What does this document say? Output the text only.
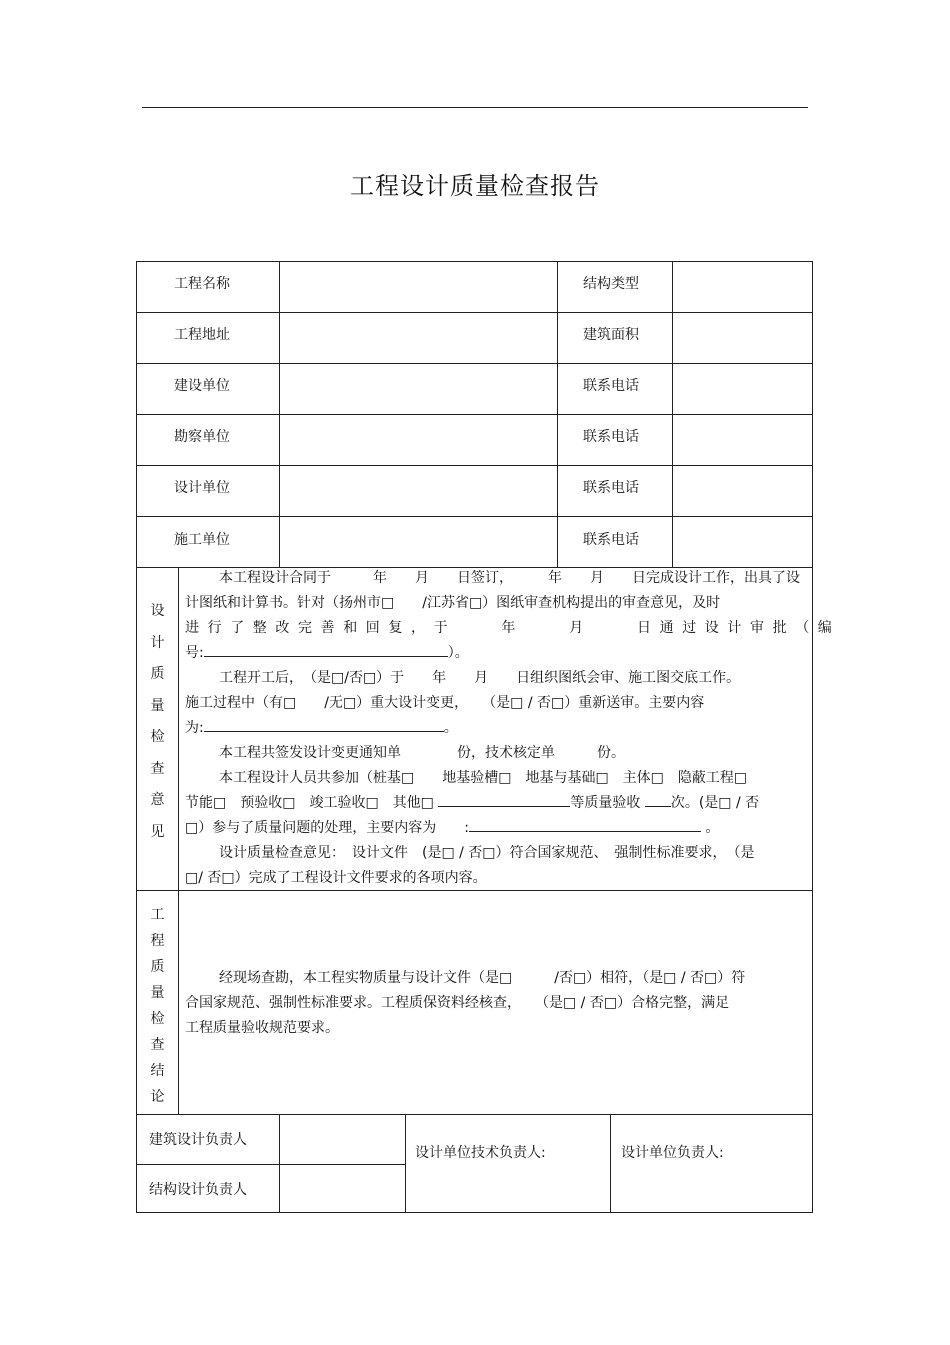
工程设计质量检查报告
工程名称	结构类型
工程地址	建筑面积
建设单位	联系电话
勘察单位	联系电话
设计单位	联系电话
施工单位	联系电话
设
计
质
量
检
查
意
见
本工程设计合同于　　　年　　月　　日签订，　　　年　　月　　日完成设计工作，出具了设
计图纸和计算书。针对（扬州市□　　/江苏省□）图纸审查机构提出的审查意见，及时
进行了整改完善和回复，于　　年　　月　　日通过设计审批（编
号:	）。
工程开工后，　（是□/否□）于　　年　　月　　日组织图纸会审、施工图交底工作。
施工过程中（有□　　/无□）重大设计变更，　　（是□ / 否□）重新送审。主要内容
为:	。
本工程共签发设计变更通知单　　　　份，技术核定单　　　份。
本工程设计人员共参加（桩基□　　地基验槽□　地基与基础□　主体□　隐蔽工程□
节能□　预验收□　竣工验收□　其他□	等质量验收 次。(是□ / 否
□）参与了质量问题的处理，主要内容为　　:	。
设计质量检查意见：　设计文件　(是□ / 否□）符合国家规范、　强制性标准要求，　（是
□/ 否□）完成了工程设计文件要求的各项内容。
工
程
质
量
检
查
结
论
经现场查勘，本工程实物质量与设计文件（是□　　　/否□）相符，（是□ / 否□）符
合国家规范、强制性标准要求。工程质保资料经核查，　　（是□ / 否□）合格完整，满足
工程质量验收规范要求。
建筑设计负责人
结构设计负责人
设计单位技术负责人:	设计单位负责人:
